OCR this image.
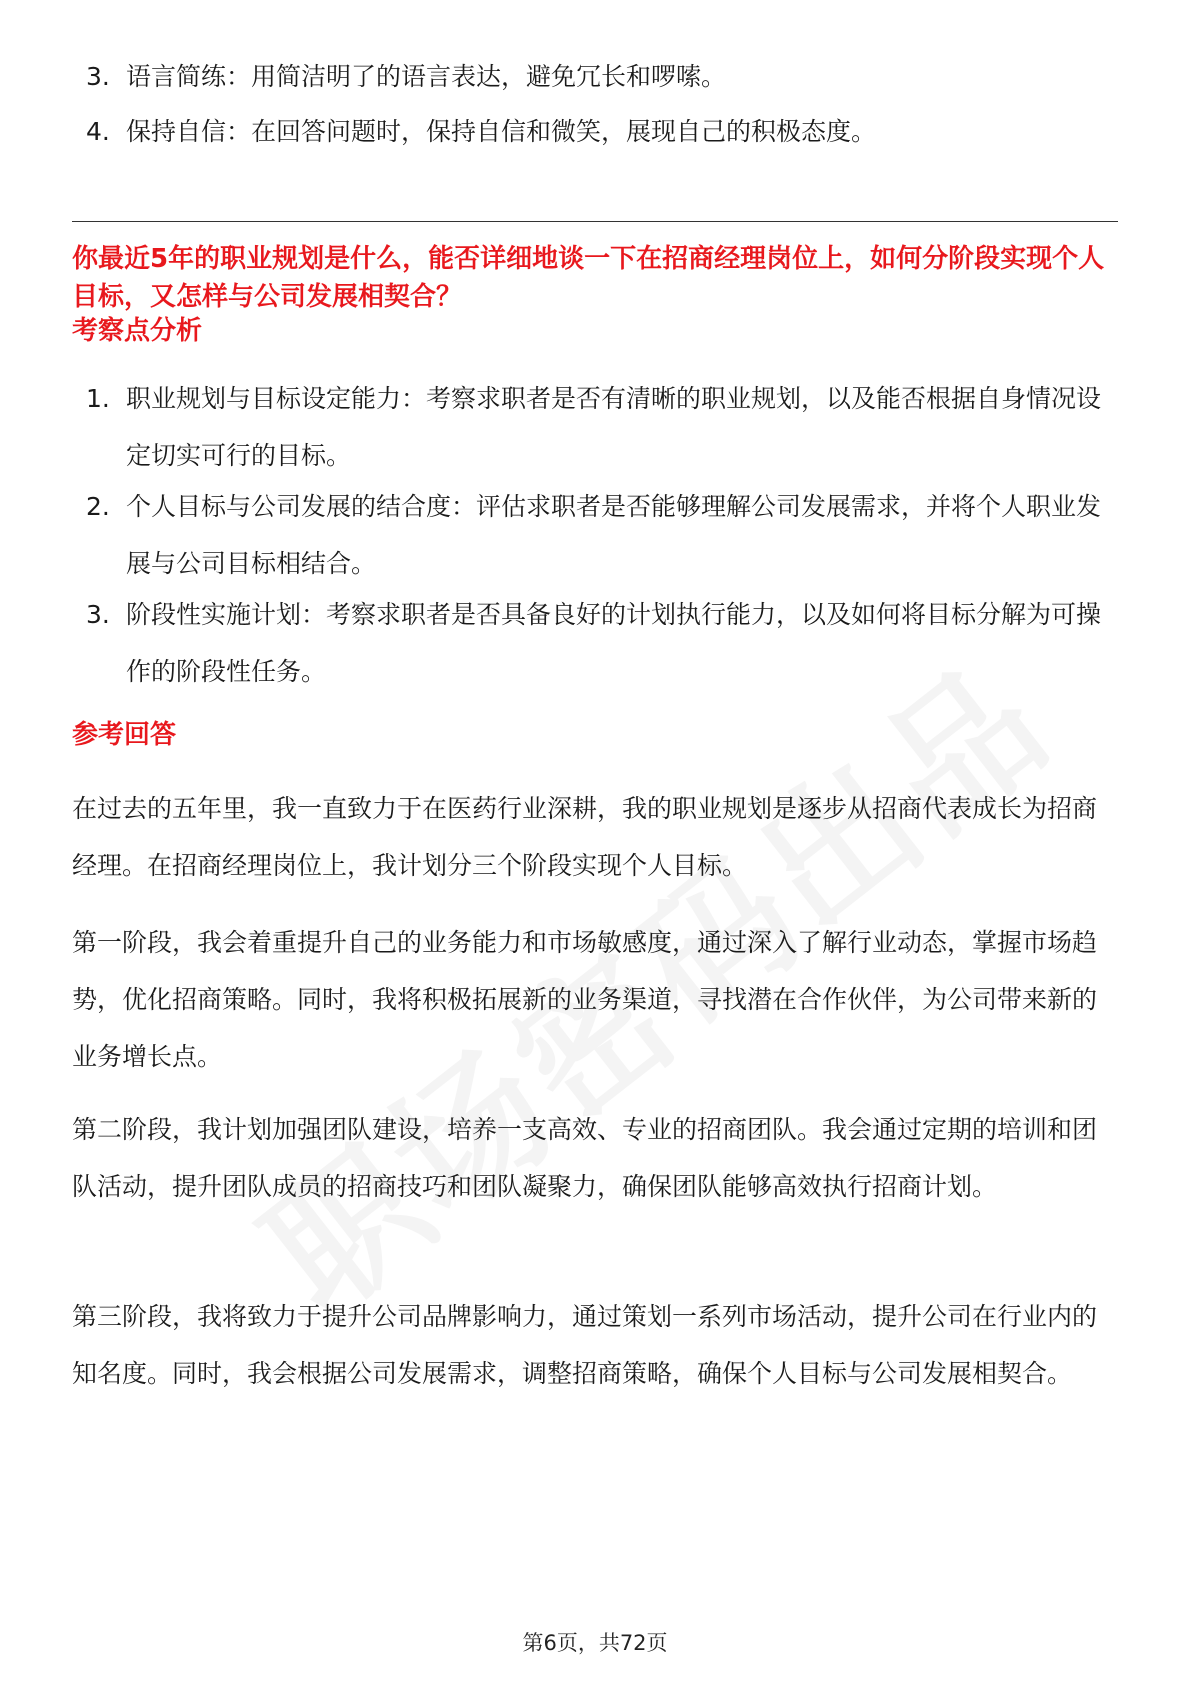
3. 语言简练：用简洁明了的语言表达，避免冗长和啰嗦。
4. 保持自信：在回答问题时，保持自信和微笑，展现自己的积极态度。
你最近5年的职业规划是什么，能否详细地谈一下在招商经理岗位上，如何分阶段实现个人目标，又怎样与公司发展相契合？
考察点分析
1. 职业规划与目标设定能力：考察求职者是否有清晰的职业规划，以及能否根据自身情况设定切实可行的目标。
2. 个人目标与公司发展的结合度：评估求职者是否能够理解公司发展需求，并将个人职业发展与公司目标相结合。
3. 阶段性实施计划：考察求职者是否具备良好的计划执行能力，以及如何将目标分解为可操作的阶段性任务。
参考回答
在过去的五年里，我一直致力于在医药行业深耕，我的职业规划是逐步从招商代表成长为招商经理。在招商经理岗位上，我计划分三个阶段实现个人目标。
第一阶段，我会着重提升自己的业务能力和市场敏感度，通过深入了解行业动态，掌握市场趋势，优化招商策略。同时，我将积极拓展新的业务渠道，寻找潜在合作伙伴，为公司带来新的业务增长点。
第二阶段，我计划加强团队建设，培养一支高效、专业的招商团队。我会通过定期的培训和团队活动，提升团队成员的招商技巧和团队凝聚力，确保团队能够高效执行招商计划。
第三阶段，我将致力于提升公司品牌影响力，通过策划一系列市场活动，提升公司在行业内的知名度。同时，我会根据公司发展需求，调整招商策略，确保个人目标与公司发展相契合。
第6页，共72页
